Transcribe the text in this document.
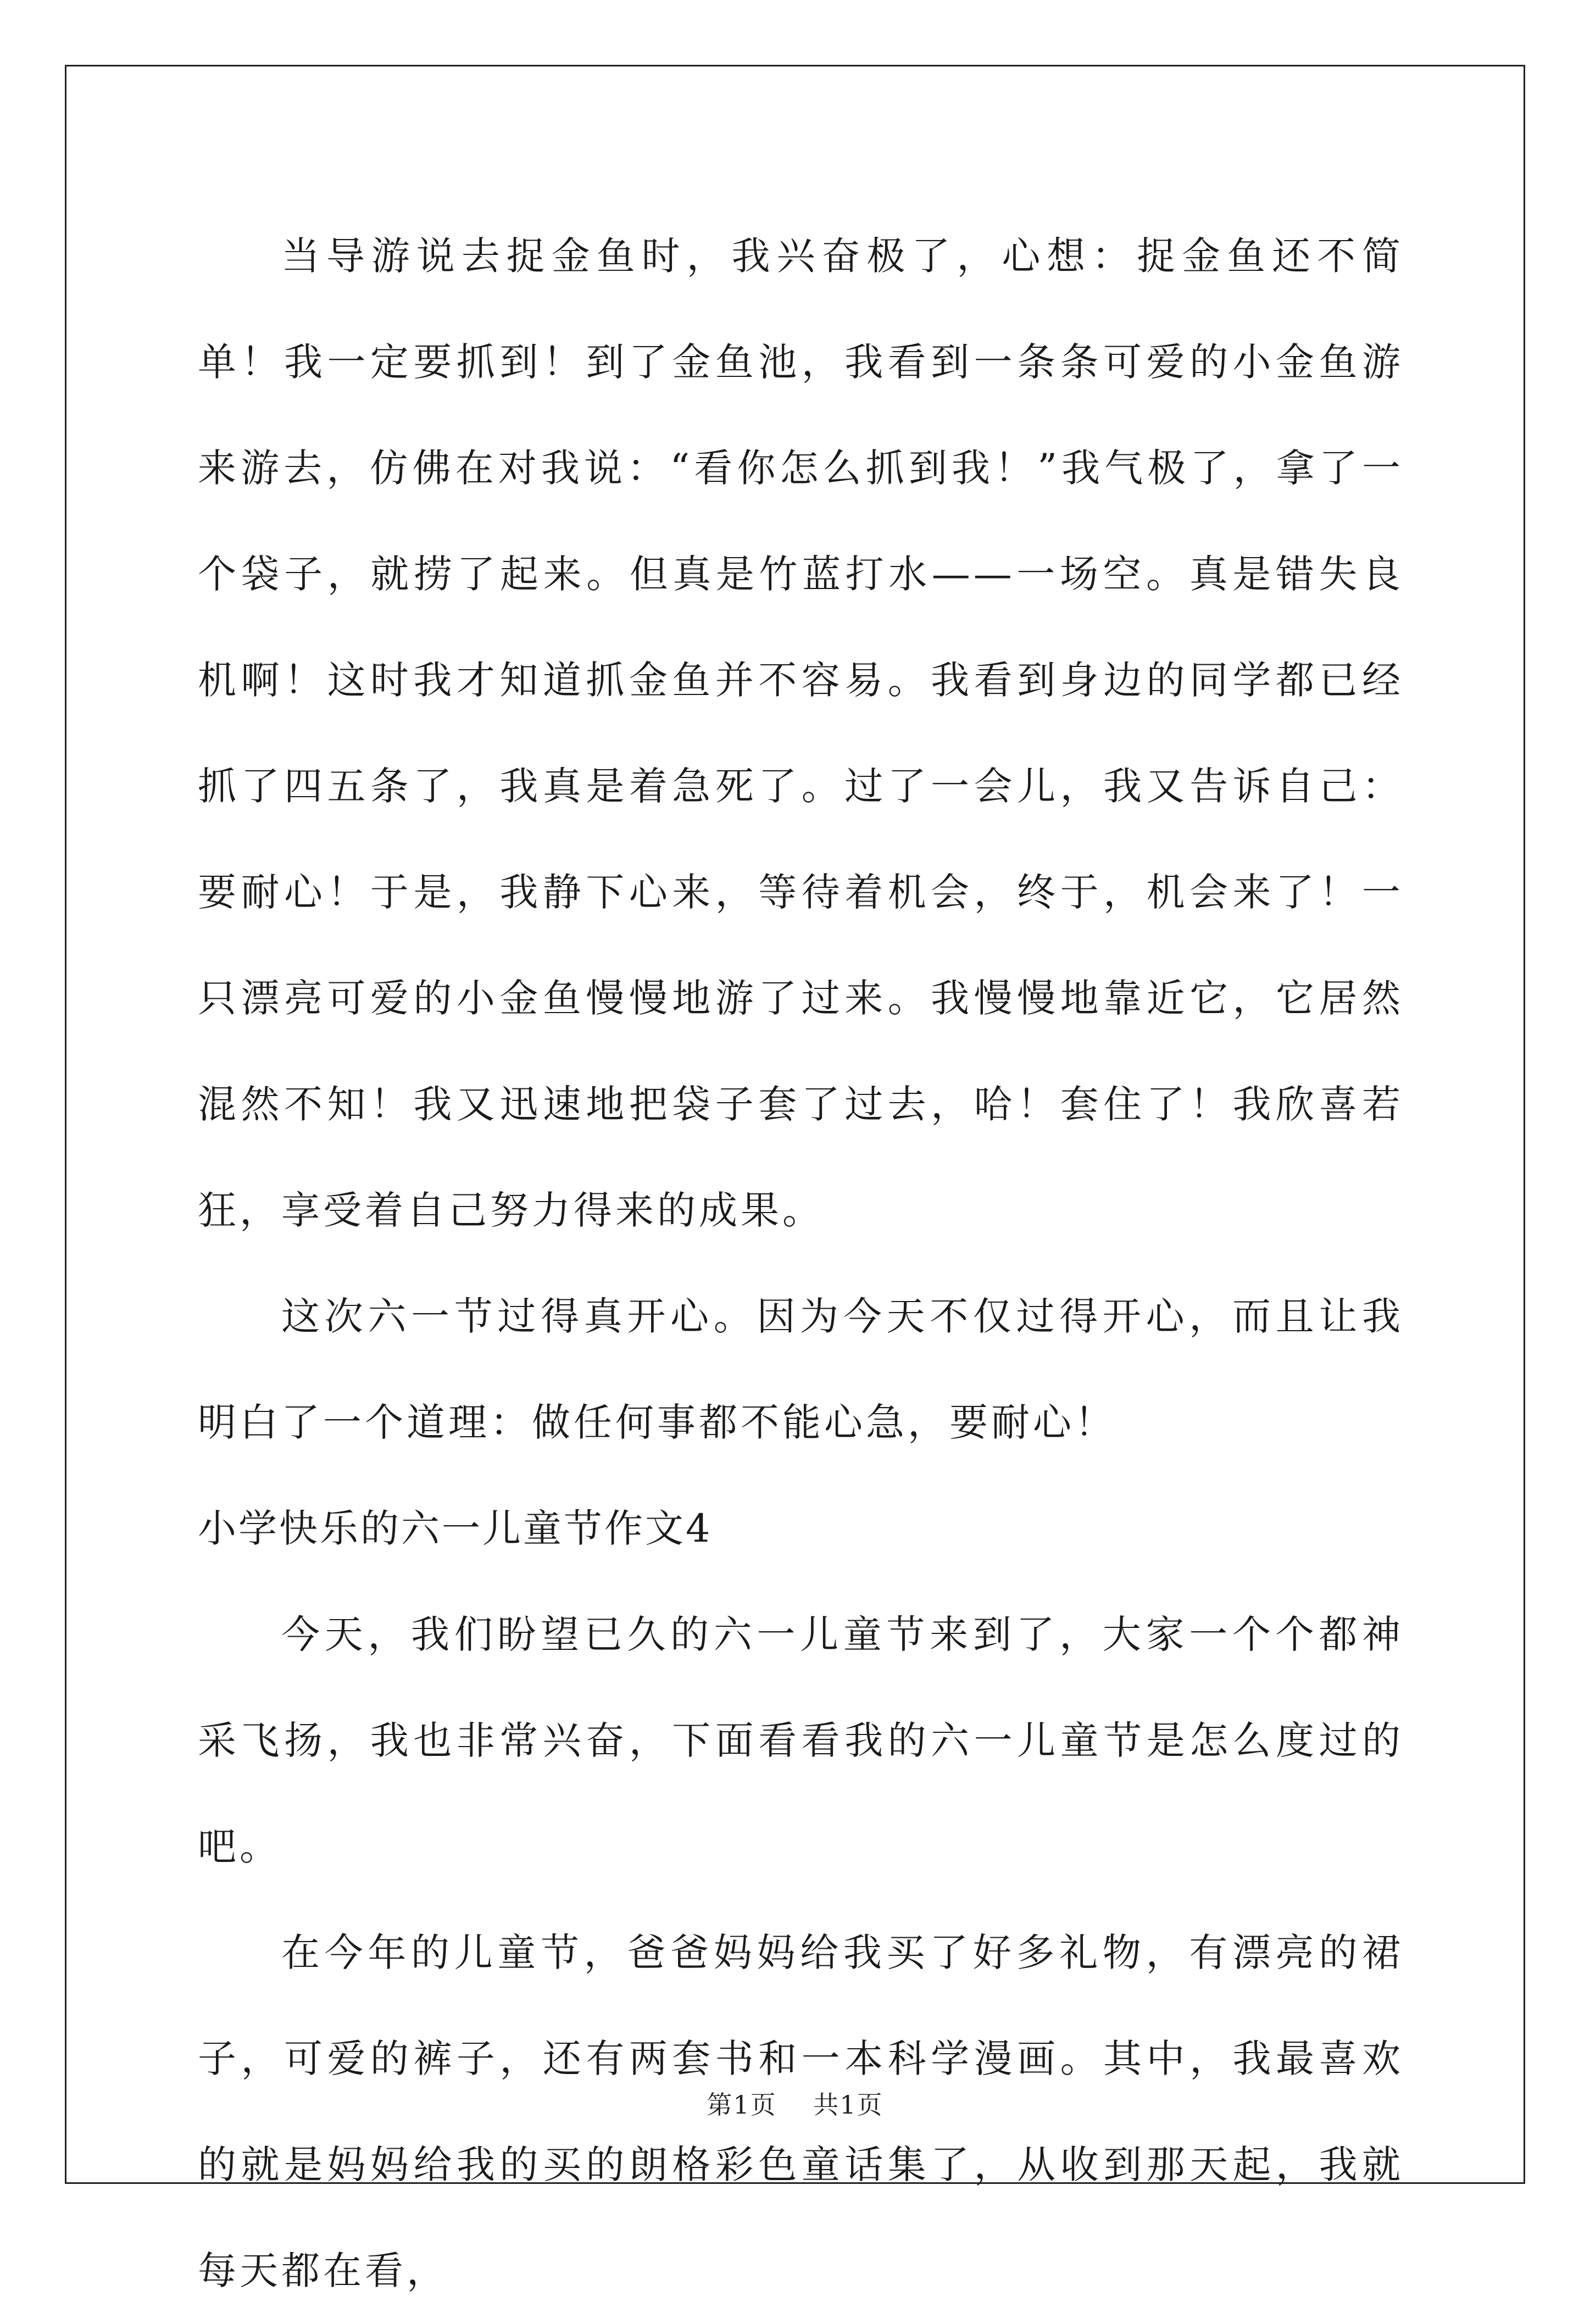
当导游说去捉金鱼时，我兴奋极了，心想：捉金鱼还不简单！我一定要抓到！到了金鱼池，我看到一条条可爱的小金鱼游来游去，仿佛在对我说：“看你怎么抓到我！”我气极了，拿了一个袋子，就捞了起来。但真是竹蓝打水——一场空。真是错失良机啊！这时我才知道抓金鱼并不容易。我看到身边的同学都已经抓了四五条了，我真是着急死了。过了一会儿，我又告诉自己：要耐心！于是，我静下心来，等待着机会，终于，机会来了！一只漂亮可爱的小金鱼慢慢地游了过来。我慢慢地靠近它，它居然混然不知！我又迅速地把袋子套了过去，哈！套住了！我欣喜若狂，享受着自己努力得来的成果。

这次六一节过得真开心。因为今天不仅过得开心，而且让我明白了一个道理：做任何事都不能心急，要耐心！

小学快乐的六一儿童节作文4

今天，我们盼望已久的六一儿童节来到了，大家一个个都神采飞扬，我也非常兴奋，下面看看我的六一儿童节是怎么度过的吧。

在今年的儿童节，爸爸妈妈给我买了好多礼物，有漂亮的裙子，可爱的裤子，还有两套书和一本科学漫画。其中，我最喜欢的就是妈妈给我的买的朗格彩色童话集了，从收到那天起，我就每天都在看，

第1页 共1页
